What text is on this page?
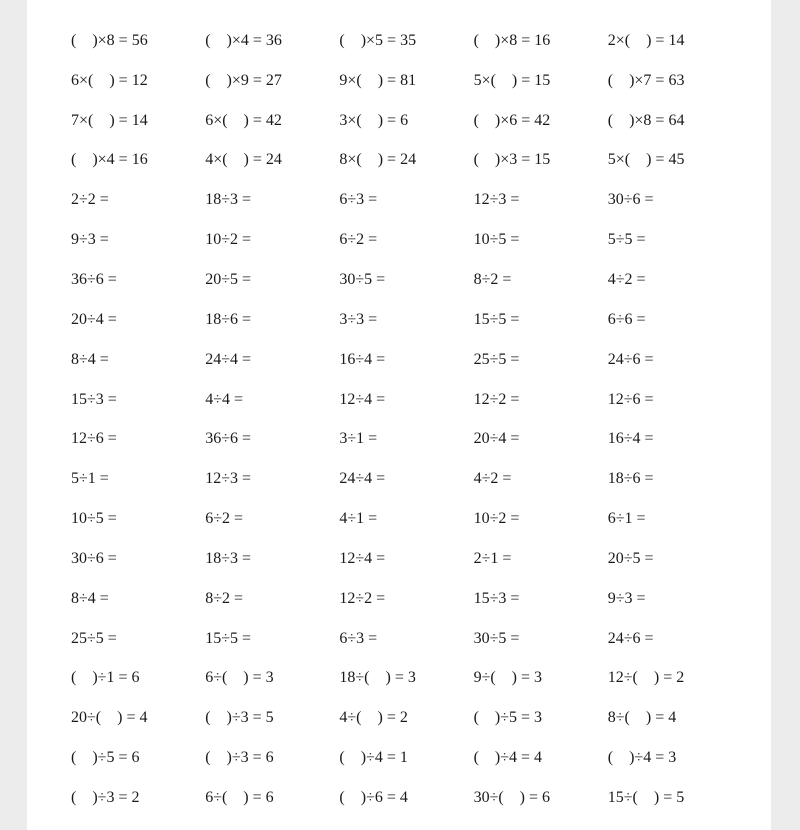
(    )×8 = 56	(    )×4 = 36	(    )×5 = 35	(    )×8 = 16	2×(    ) = 14
6×(    ) = 12	(    )×9 = 27	9×(    ) = 81	5×(    ) = 15	(    )×7 = 63
7×(    ) = 14	6×(    ) = 42	3×(    ) = 6	(    )×6 = 42	(    )×8 = 64
(    )×4 = 16	4×(    ) = 24	8×(    ) = 24	(    )×3 = 15	5×(    ) = 45
2÷2 =	18÷3 =	6÷3 =	12÷3 =	30÷6 =
9÷3 =	10÷2 =	6÷2 =	10÷5 =	5÷5 =
36÷6 =	20÷5 =	30÷5 =	8÷2 =	4÷2 =
20÷4 =	18÷6 =	3÷3 =	15÷5 =	6÷6 =
8÷4 =	24÷4 =	16÷4 =	25÷5 =	24÷6 =
15÷3 =	4÷4 =	12÷4 =	12÷2 =	12÷6 =
12÷6 =	36÷6 =	3÷1 =	20÷4 =	16÷4 =
5÷1 =	12÷3 =	24÷4 =	4÷2 =	18÷6 =
10÷5 =	6÷2 =	4÷1 =	10÷2 =	6÷1 =
30÷6 =	18÷3 =	12÷4 =	2÷1 =	20÷5 =
8÷4 =	8÷2 =	12÷2 =	15÷3 =	9÷3 =
25÷5 =	15÷5 =	6÷3 =	30÷5 =	24÷6 =
(    )÷1 = 6	6÷(    ) = 3	18÷(    ) = 3	9÷(    ) = 3	12÷(    ) = 2
20÷(    ) = 4	(    )÷3 = 5	4÷(    ) = 2	(    )÷5 = 3	8÷(    ) = 4
(    )÷5 = 6	(    )÷3 = 6	(    )÷4 = 1	(    )÷4 = 4	(    )÷4 = 3
(    )÷3 = 2	6÷(    ) = 6	(    )÷6 = 4	30÷(    ) = 6	15÷(    ) = 5
